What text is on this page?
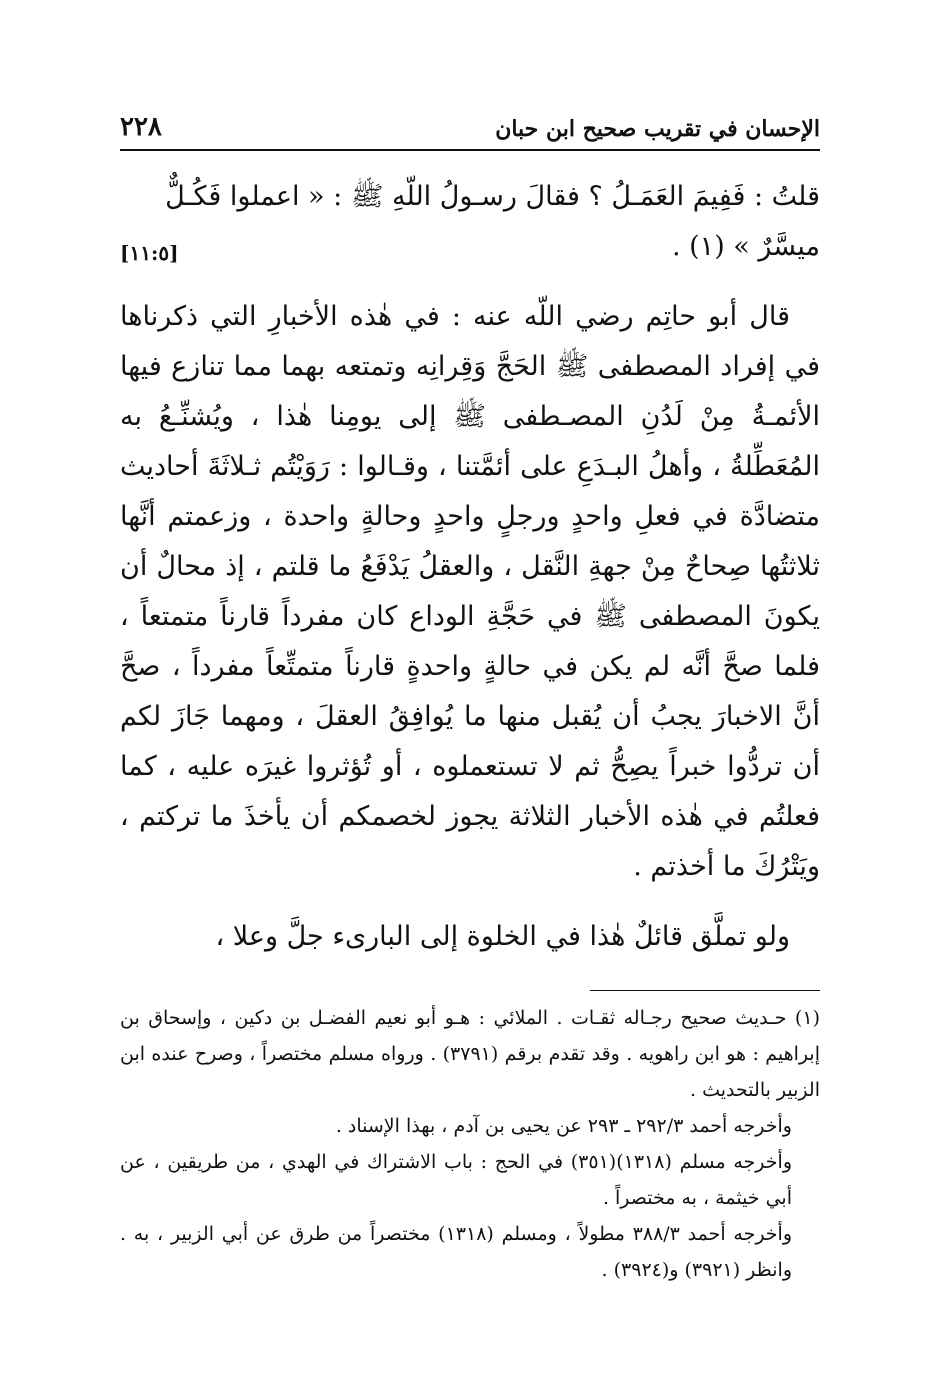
٢٢٨	الإحسان في تقريب صحيح ابن حبان

قلتُ : فَفِيمَ العَمَـلُ ؟ فقالَ رسـولُ اللّهِ ﷺ : « اعملوا فَكُـلٌّ

ميسَّرٌ » (١) .
[١١:٥]

قال أبو حاتِم رضي اللّه عنه : في هٰذه الأخبارِ التي ذكرناها في إفراد المصطفى ﷺ الحَجَّ وَقِرانِه وتمتعه بهما مما تنازع فيها الأئمـةُ مِنْ لَدُنِ المصـطفى ﷺ إلى يومِنا هٰذا ، ويُشنِّـعُ به المُعَطِّلةُ ، وأهلُ البـدَعِ على أئمَّتنا ، وقـالوا : رَوَيْتُم ثـلاثَةَ أحاديث متضادَّة في فعلِ واحدٍ ورجلٍ واحدٍ وحالةٍ واحدة ، وزعمتم أنَّها ثلاثتُها صِحاحٌ مِنْ جهةِ النَّقل ، والعقلُ يَدْفَعُ ما قلتم ، إذ محالٌ أن يكونَ المصطفى ﷺ في حَجَّةِ الوداع كان مفرداً قارناً متمتعاً ، فلما صحَّ أنَّه لم يكن في حالةٍ واحدةٍ قارناً متمتِّعاً مفرداً ، صحَّ أنَّ الاخبارَ يجبُ أن يُقبل منها ما يُوافِقُ العقلَ ، ومهما جَازَ لكم أن تردُّوا خبراً يصِحُّ ثم لا تستعملوه ، أو تُؤثروا غيرَه عليه ، كما فعلتُم في هٰذه الأخبار الثلاثة يجوز لخصمكم أن يأخذَ ما تركتم ، ويَتْرُكَ ما أخذتم .

ولو تملَّق قائلٌ هٰذا في الخلوة إلى البارىء جلَّ وعلا ،

(١) حـديث صحيح رجـاله ثقـات . الملائي : هـو أبو نعيم الفضـل بن دكين ، وإسحاق بن إبراهيم : هو ابن راهويه . وقد تقدم برقم (٣٧٩١) . ورواه مسلم مختصراً ، وصرح عنده ابن الزبير بالتحديث .

وأخرجه أحمد ٢٩٢/٣ ـ ٢٩٣ عن يحيى بن آدم ، بهذا الإسناد .

وأخرجه مسلم (١٣١٨)(٣٥١) في الحج : باب الاشتراك في الهدي ، من طريقين ، عن أبي خيثمة ، به مختصراً .

وأخرجه أحمد ٣٨٨/٣ مطولاً ، ومسلم (١٣١٨) مختصراً من طرق عن أبي الزبير ، به . وانظر (٣٩٢١) و(٣٩٢٤) .
